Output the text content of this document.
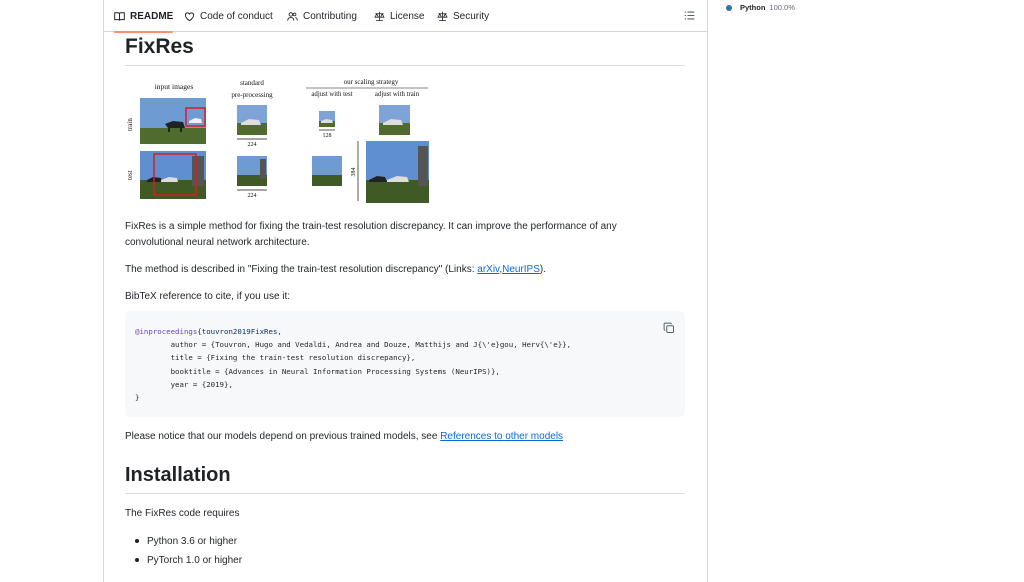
README	Code of conduct	Contributing	License	Security
FixRes
input images	standard
pre-processing
our scaling strategy
adjust with test	adjust with train
train
test
224
128
224
384

FixRes is a simple method for fixing the train-test resolution discrepancy. It can improve the performance of any
convolutional neural network architecture.

The method is described in "Fixing the train-test resolution discrepancy" (Links: arXiv,NeurIPS).

BibTeX reference to cite, if you use it:

@inproceedings{touvron2019FixRes,
author = {Touvron, Hugo and Vedaldi, Andrea and Douze, Matthijs and J{\'e}gou, Herv{\'e}},
title = {Fixing the train-test resolution discrepancy},
booktitle = {Advances in Neural Information Processing Systems (NeurIPS)},
year = {2019},
}

Please notice that our models depend on previous trained models, see References to other models

Installation

The FixRes code requires

Python 3.6 or higher
PyTorch 1.0 or higher
Python 100.0%
